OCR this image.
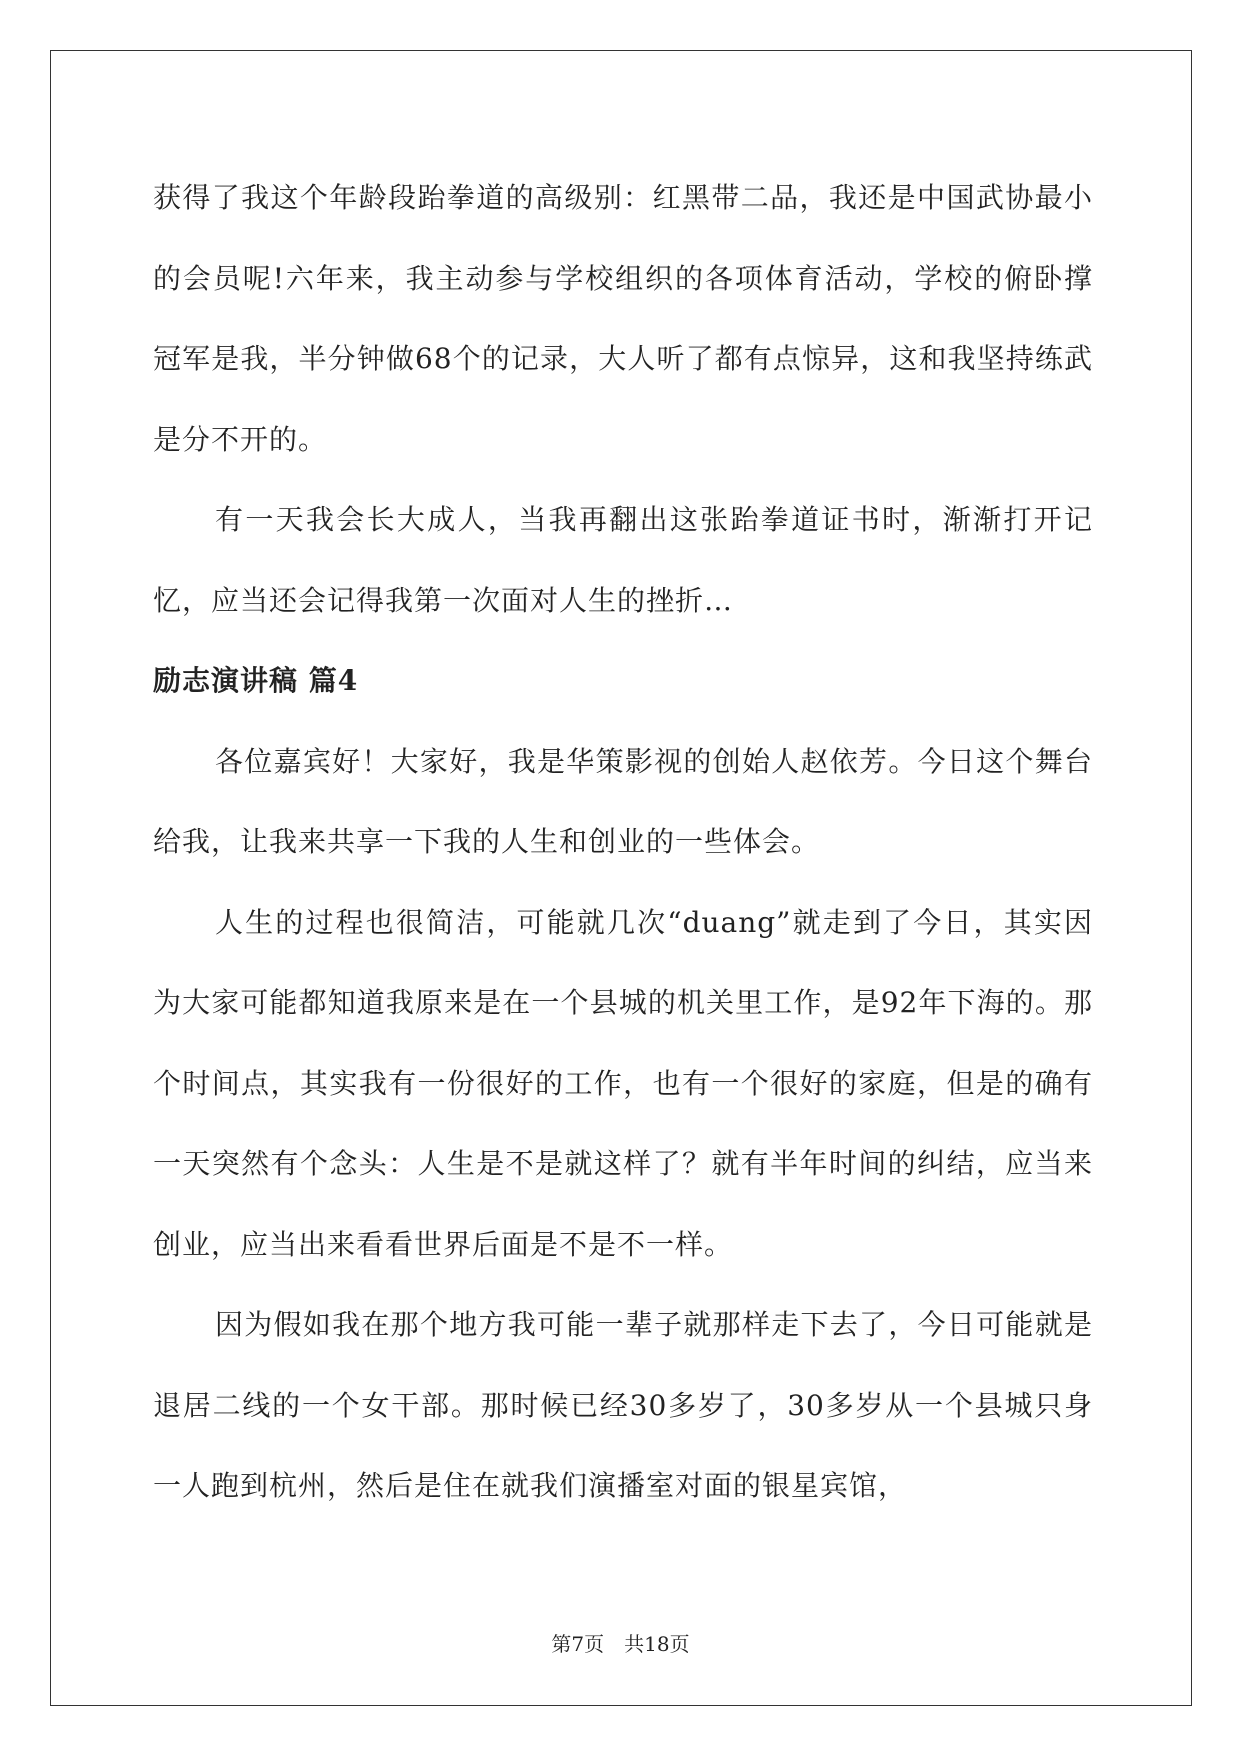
获得了我这个年龄段跆拳道的高级别：红黑带二品，我还是中国武协最小的会员呢!六年来，我主动参与学校组织的各项体育活动，学校的俯卧撑冠军是我，半分钟做68个的记录，大人听了都有点惊异，这和我坚持练武是分不开的。

有一天我会长大成人，当我再翻出这张跆拳道证书时，渐渐打开记忆，应当还会记得我第一次面对人生的挫折…

励志演讲稿 篇4

各位嘉宾好！大家好，我是华策影视的创始人赵依芳。今日这个舞台给我，让我来共享一下我的人生和创业的一些体会。

人生的过程也很简洁，可能就几次“duang”就走到了今日，其实因为大家可能都知道我原来是在一个县城的机关里工作，是92年下海的。那个时间点，其实我有一份很好的工作，也有一个很好的家庭，但是的确有一天突然有个念头：人生是不是就这样了？就有半年时间的纠结，应当来创业，应当出来看看世界后面是不是不一样。

因为假如我在那个地方我可能一辈子就那样走下去了，今日可能就是退居二线的一个女干部。那时候已经30多岁了，30多岁从一个县城只身一人跑到杭州，然后是住在就我们演播室对面的银星宾馆，

第7页　共18页
